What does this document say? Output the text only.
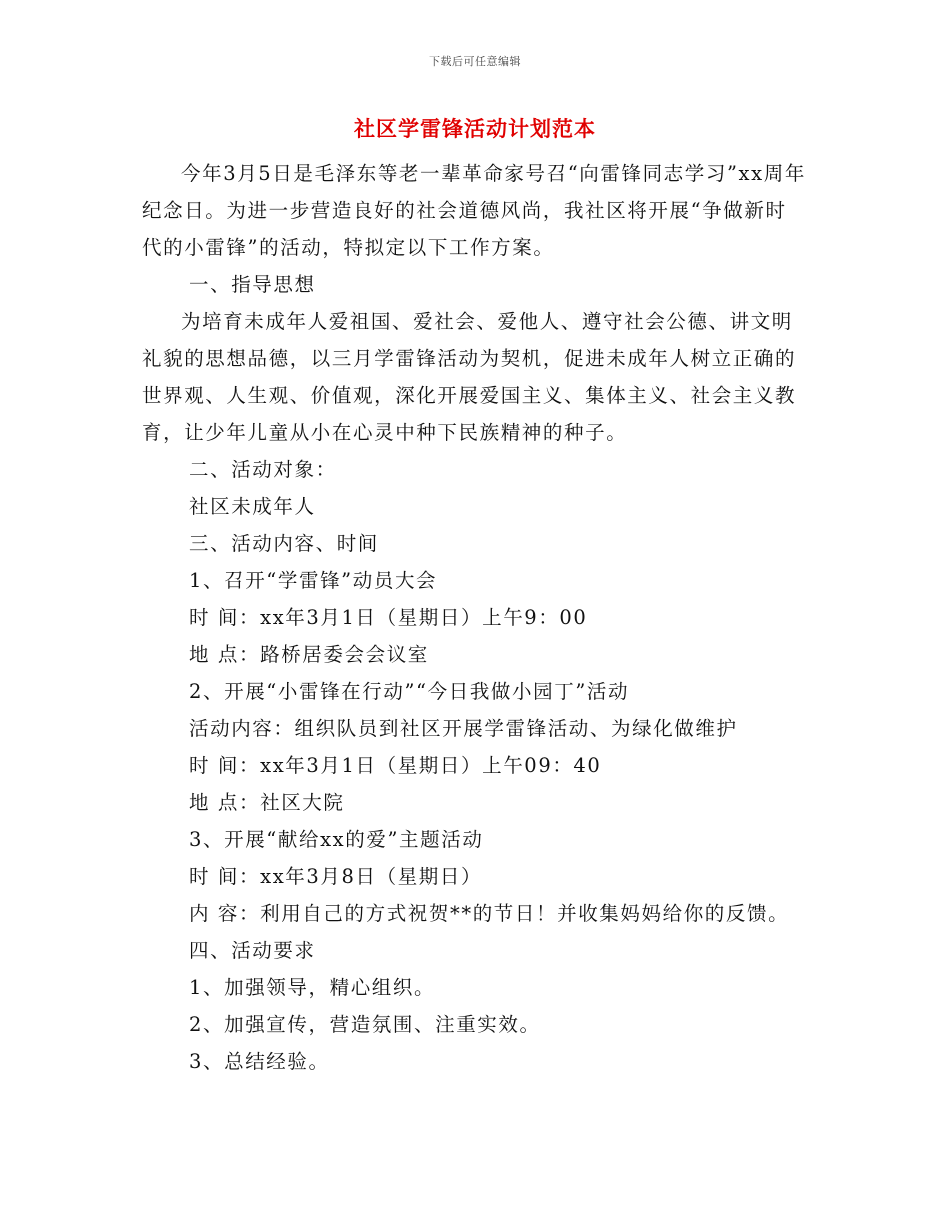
下载后可任意编辑
社区学雷锋活动计划范本

今年3月5日是毛泽东等老一辈革命家号召“向雷锋同志学习”xx周年纪念日。为进一步营造良好的社会道德风尚，我社区将开展“争做新时代的小雷锋”的活动，特拟定以下工作方案。

一、指导思想

为培育未成年人爱祖国、爱社会、爱他人、遵守社会公德、讲文明礼貌的思想品德，以三月学雷锋活动为契机，促进未成年人树立正确的世界观、人生观、价值观，深化开展爱国主义、集体主义、社会主义教育，让少年儿童从小在心灵中种下民族精神的种子。

二、活动对象：

社区未成年人

三、活动内容、时间

1、召开“学雷锋”动员大会

时 间：xx年3月1日（星期日）上午9：00

地 点：路桥居委会会议室

2、开展“小雷锋在行动”“今日我做小园丁”活动

活动内容：组织队员到社区开展学雷锋活动、为绿化做维护

时 间：xx年3月1日（星期日）上午09：40

地 点：社区大院

3、开展“献给xx的爱”主题活动

时 间：xx年3月8日（星期日）

内 容：利用自己的方式祝贺**的节日！并收集妈妈给你的反馈。

四、活动要求

1、加强领导，精心组织。

2、加强宣传，营造氛围、注重实效。

3、总结经验。
